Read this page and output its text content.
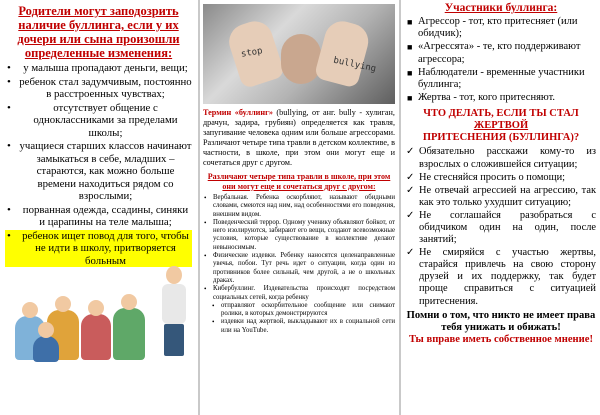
Родители могут заподозрить наличие буллинга, если у их дочери или сына произошли определенные изменения:
• у малыша пропадают деньги, вещи;
• ребенок стал задумчивым, постоянно в расстроенных чувствах;
•	отсутствует общение с одноклассниками за пределами школы;
• учащиеся старших классов начинают замыкаться в себе, младших – стараются, как можно больше времени находиться рядом со взрослыми;
• порванная одежда, ссадины, синяки и царапины на теле малыша;
• ребенок ищет повод для того, чтобы не идти в школу, притворяется больным
stop
bullying
Термин «буллинг» (bullying, от анг. bully - хулиган, драчун, задира, грубиян) определяется как травля, запугивание человека одним или больше агрессорами. Различают четыре типа травли в детском коллективе, в частности, в школе, при этом они могут еще и сочетаться друг с другом.
Различают четыре типа травли в школе, при этом они могут еще и сочетаться друг с другом:
• Вербальная. Ребенка оскорбляют, называют обидными словами, смеются над ним, над особенностями его поведения, внешним видом.
• Поведенческий террор. Одному ученику объявляют бойкот, от него изолируются, забирают его вещи, создают всевозможные условия, которые существование в коллективе делают невыносимым.
• Физические издевки. Ребенку наносятся целенаправленные увечья, побои. Тут речь идет о ситуации, когда один из противников более сильный, чем другой, а не о школьных драках.
• Кибербуллинг. Издевательства происходят посредством социальных сетей, когда ребенку
• отправляют оскорбительное сообщение или снимают ролики, в которых демонстрируются
• издевки над жертвой, выкладывают их в социальной сети или на YouTube.
Участники буллинга:
■ Агрессор - тот, кто притесняет (или обидчик);
■ «Агрессята» - те, кто поддерживают агрессора;
■ Наблюдатели - временные участники буллинга;
■ Жертва - тот, кого притесняют.
ЧТО ДЕЛАТЬ, ЕСЛИ ТЫ СТАЛ
ЖЕРТВОЙ
ПРИТЕСНЕНИЯ (БУЛЛИНГА)?
✓ Обязательно расскажи кому-то из взрослых о сложившейся ситуации;
✓ Не стесняйся просить о помощи;
✓ Не отвечай агрессией на агрессию, так как это только ухудшит ситуацию;
✓ Не соглашайся разобраться с обидчиком один на один, после занятий;
✓ Не смиряйся с участью жертвы, старайся привлечь на свою сторону друзей и их поддержку, так будет проще справиться с ситуацией притеснения.
Помни о том, что никто не имеет права тебя унижать и обижать!
Ты вправе иметь собственное мнение!
